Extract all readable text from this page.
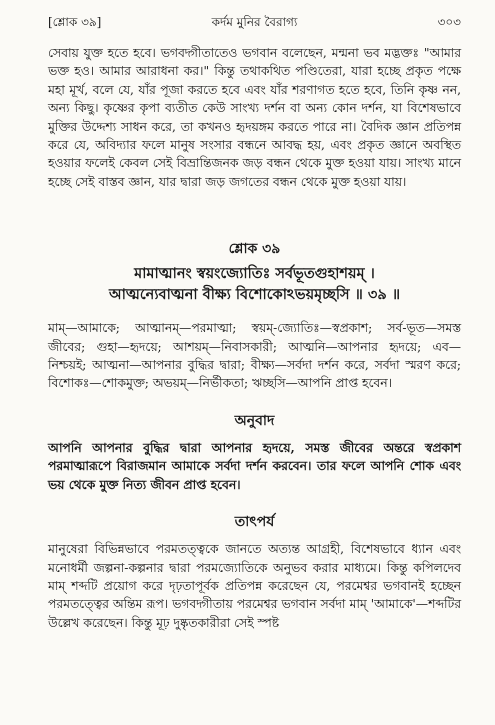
[শ্লোক ৩৯]	কর্দম মুনির বৈরাগ্য	৩০৩

সেবায় যুক্ত হতে হবে। ভগবদ্গীতাতেও ভগবান বলেছেন, মন্মনা ভব মদ্ভক্তঃ "আমার ভক্ত হও। আমার আরাধনা কর।" কিন্তু তথাকথিত পণ্ডিতেরা, যারা হচ্ছে প্রকৃত পক্ষে মহা মূর্খ, বলে যে, যাঁর পূজা করতে হবে এবং যাঁর শরণাগত হতে হবে, তিনি কৃষ্ণ নন, অন্য কিছু। কৃষ্ণের কৃপা ব্যতীত কেউ সাংখ্য দর্শন বা অন্য কোন দর্শন, যা বিশেষভাবে মুক্তির উদ্দেশ্য সাধন করে, তা কখনও হৃদয়ঙ্গম করতে পারে না। বৈদিক জ্ঞান প্রতিপন্ন করে যে, অবিদ্যার ফলে মানুষ সংসার বন্ধনে আবদ্ধ হয়, এবং প্রকৃত জ্ঞানে অবস্থিত হওয়ার ফলেই কেবল সেই বিভ্রান্তিজনক জড় বন্ধন থেকে মুক্ত হওয়া যায়। সাংখ্য মানে হচ্ছে সেই বাস্তব জ্ঞান, যার দ্বারা জড় জগতের বন্ধন থেকে মুক্ত হওয়া যায়।

শ্লোক ৩৯
মামাত্মানং স্বয়ংজ্যোতিঃ সর্বভূতগুহাশয়ম্ ।
আত্মন্যেবাত্মনা বীক্ষ্য বিশোকোঽভয়মৃচ্ছসি ॥ ৩৯ ॥

মাম্—আমাকে; আত্মানম্—পরমাত্মা; স্বয়ম্-জ্যোতিঃ—স্বপ্রকাশ; সর্ব-ভূত—সমস্ত জীবের; গুহা—হৃদয়ে; আশয়ম্—নিবাসকারী; আত্মনি—আপনার হৃদয়ে; এব—নিশ্চয়ই; আত্মনা—আপনার বুদ্ধির দ্বারা; বীক্ষ্য—সর্বদা দর্শন করে, সর্বদা স্মরণ করে; বিশোকঃ—শোকমুক্ত; অভয়ম্—নির্ভীকতা; ঋচ্ছসি—আপনি প্রাপ্ত হবেন।

অনুবাদ

আপনি আপনার বুদ্ধির দ্বারা আপনার হৃদয়ে, সমস্ত জীবের অন্তরে স্বপ্রকাশ পরমাত্মারূপে বিরাজমান আমাকে সর্বদা দর্শন করবেন। তার ফলে আপনি শোক এবং ভয় থেকে মুক্ত নিত্য জীবন প্রাপ্ত হবেন।

তাৎপর্য

মানুষেরা বিভিন্নভাবে পরমতত্ত্বকে জানতে অত্যন্ত আগ্রহী, বিশেষভাবে ধ্যান এবং মনোধর্মী জল্পনা-কল্পনার দ্বারা পরমজ্যোতিকে অনুভব করার মাধ্যমে। কিন্তু কপিলদেব মাম্ শব্দটি প্রয়োগ করে দৃঢ়তাপূর্বক প্রতিপন্ন করেছেন যে, পরমেশ্বর ভগবানই হচ্ছেন পরমতত্ত্বের অন্তিম রূপ। ভগবদ্গীতায় পরমেশ্বর ভগবান সর্বদা মাম্ 'আমাকে'—শব্দটির উল্লেখ করেছেন। কিন্তু মূঢ় দুষ্কৃতকারীরা সেই স্পষ্ট
